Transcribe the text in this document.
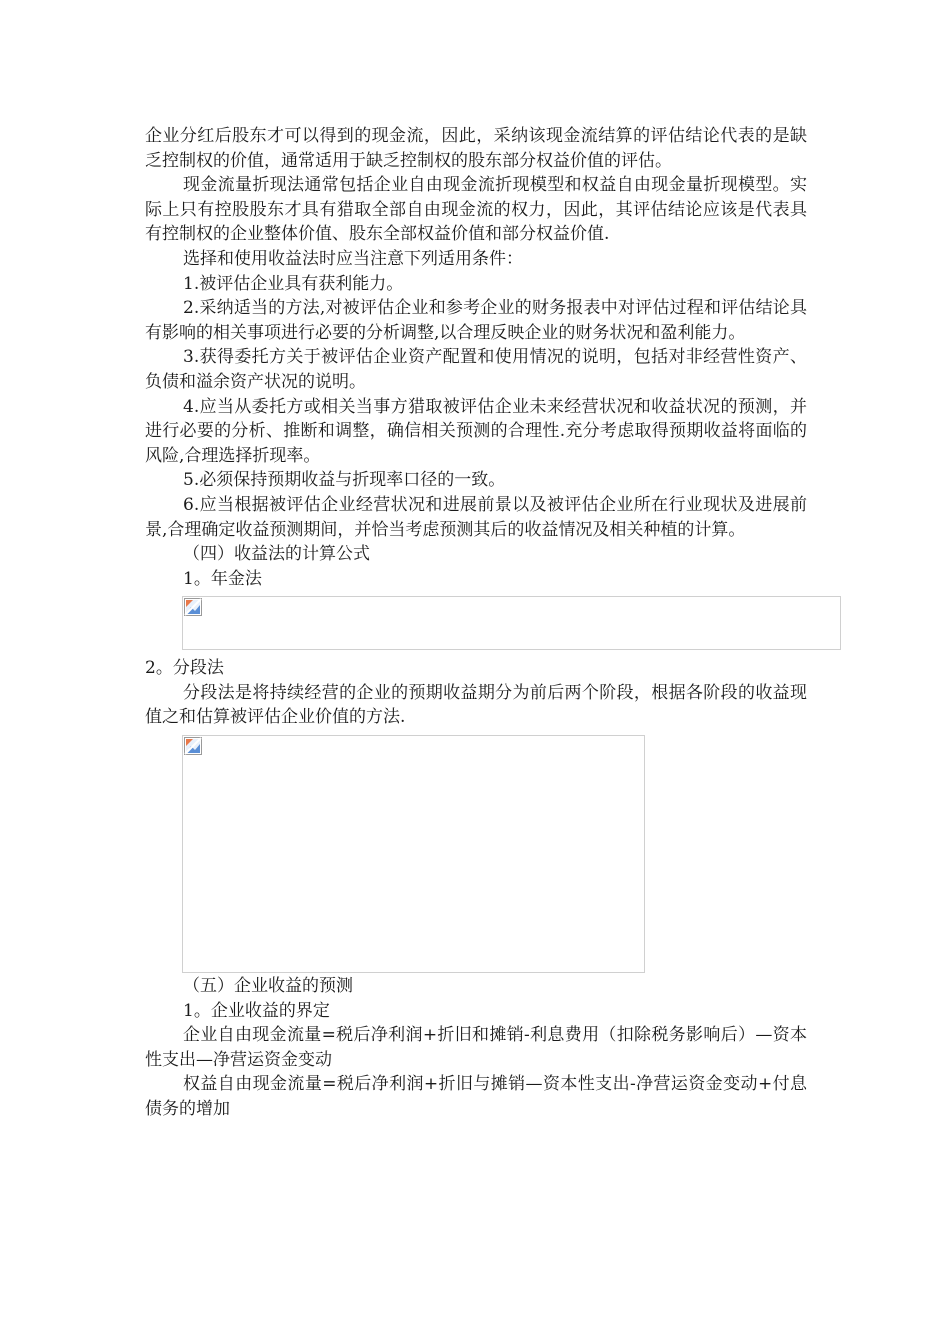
企业分红后股东才可以得到的现金流，因此，采纳该现金流结算的评估结论代表的是缺乏控制权的价值，通常适用于缺乏控制权的股东部分权益价值的评估。

现金流量折现法通常包括企业自由现金流折现模型和权益自由现金量折现模型。实际上只有控股股东才具有猎取全部自由现金流的权力，因此，其评估结论应该是代表具有控制权的企业整体价值、股东全部权益价值和部分权益价值.

选择和使用收益法时应当注意下列适用条件：

1.被评估企业具有获利能力。

2.采纳适当的方法,对被评估企业和参考企业的财务报表中对评估过程和评估结论具有影响的相关事项进行必要的分析调整,以合理反映企业的财务状况和盈利能力。

3.获得委托方关于被评估企业资产配置和使用情况的说明，包括对非经营性资产、负债和溢余资产状况的说明。

4.应当从委托方或相关当事方猎取被评估企业未来经营状况和收益状况的预测，并进行必要的分析、推断和调整，确信相关预测的合理性.充分考虑取得预期收益将面临的风险,合理选择折现率。

5.必须保持预期收益与折现率口径的一致。

6.应当根据被评估企业经营状况和进展前景以及被评估企业所在行业现状及进展前景,合理确定收益预测期间，并恰当考虑预测其后的收益情况及相关种植的计算。

（四）收益法的计算公式

1。年金法

2。分段法

分段法是将持续经营的企业的预期收益期分为前后两个阶段，根据各阶段的收益现值之和估算被评估企业价值的方法.

（五）企业收益的预测

1。企业收益的界定

企业自由现金流量=税后净利润+折旧和摊销-利息费用（扣除税务影响后）—资本性支出—净营运资金变动

权益自由现金流量=税后净利润+折旧与摊销—资本性支出-净营运资金变动+付息债务的增加
